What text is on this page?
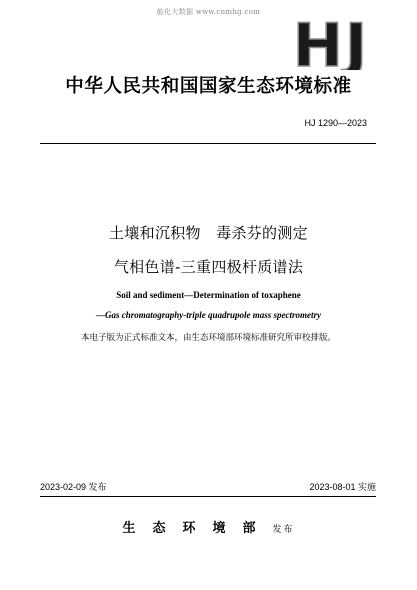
能化大数据 www.cnmhg.com HJ
中华人民共和国国家生态环境标准
HJ 1290—2023
土壤和沉积物　毒杀芬的测定
气相色谱-三重四极杆质谱法
Soil and sediment—Determination of toxaphene
—Gas chromatography-triple quadrupole mass spectrometry
本电子版为正式标准文本，由生态环境部环境标准研究所审校排版。
2023-02-09 发布	2023-08-01 实施
生态环境部发布
